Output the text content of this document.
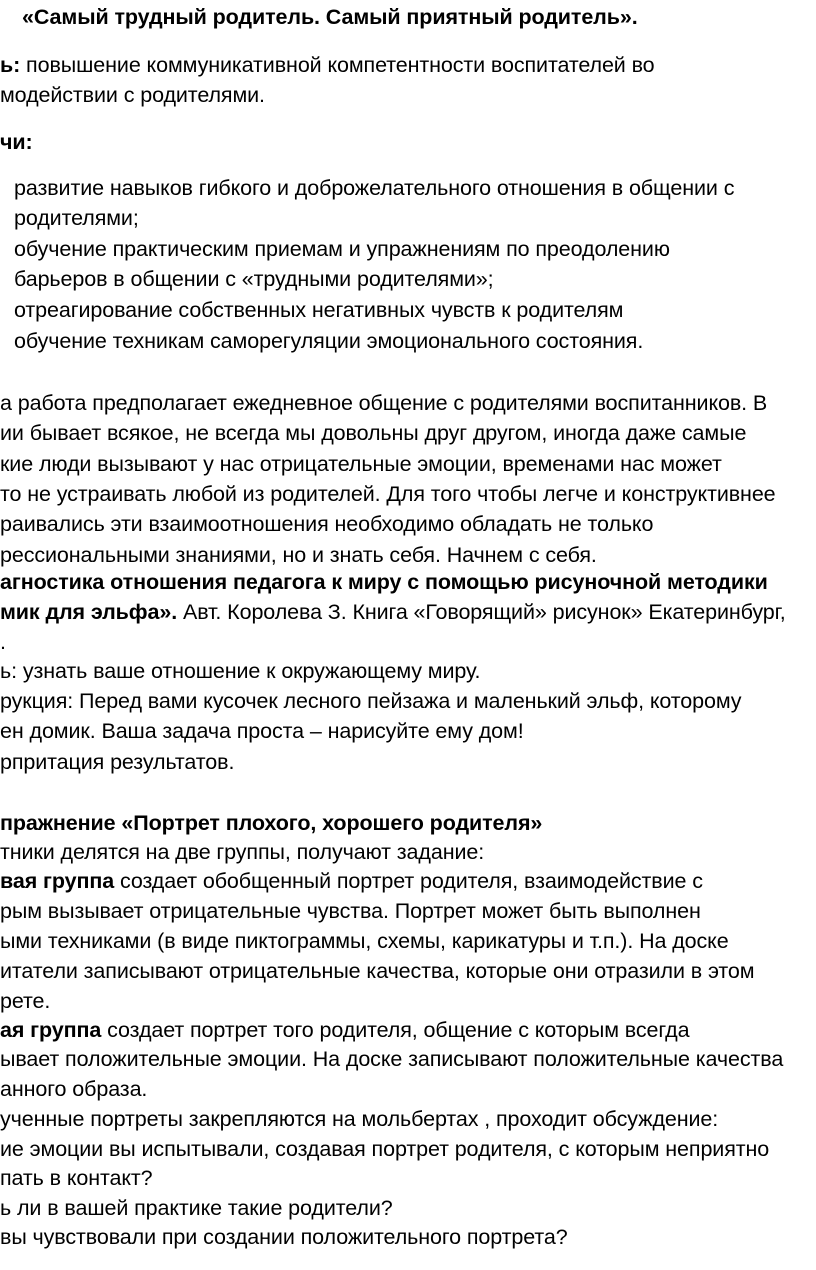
«Самый трудный родитель. Самый приятный родитель».

ь: повышение коммуникативной компетентности воспитателей во

модействии с родителями.

чи:

развитие навыков гибкого и доброжелательного отношения в общении с

родителями;

обучение практическим приемам и упражнениям по преодолению

барьеров в общении с «трудными родителями»;

отреагирование собственных негативных чувств к родителям

обучение техникам саморегуляции эмоционального состояния.

а работа предполагает ежедневное общение с родителями воспитанников. В

ии бывает всякое, не всегда мы довольны друг другом, иногда даже самые

кие люди вызывают у нас отрицательные эмоции, временами нас может

то не устраивать любой из родителей. Для того чтобы легче и конструктивнее

раивались эти взаимоотношения необходимо обладать не только

рессиональными знаниями, но и знать себя. Начнем с себя.

агностика отношения педагога к миру с помощью рисуночной методики

мик для эльфа». Авт. Королева З. Книга «Говорящий» рисунок» Екатеринбург,

.

ь: узнать ваше отношение к окружающему миру.

рукция: Перед вами кусочек лесного пейзажа и маленький эльф, которому

ен домик. Ваша задача проста – нарисуйте ему дом!

рпритация результатов.

пражнение «Портрет плохого, хорошего родителя»

тники делятся на две группы, получают задание:

вая группа создает обобщенный портрет родителя, взаимодействие с

рым вызывает отрицательные чувства. Портрет может быть выполнен

ыми техниками (в виде пиктограммы, схемы, карикатуры и т.п.). На доске

итатели записывают отрицательные качества, которые они отразили в этом

рете.

ая группа создает портрет того родителя, общение с которым всегда

ывает положительные эмоции. На доске записывают положительные качества

анного образа.

ученные портреты закрепляются на мольбертах , проходит обсуждение:

ие эмоции вы испытывали, создавая портрет родителя, с которым неприятно

пать в контакт?

ь ли в вашей практике такие родители?

вы чувствовали при создании положительного портрета?
